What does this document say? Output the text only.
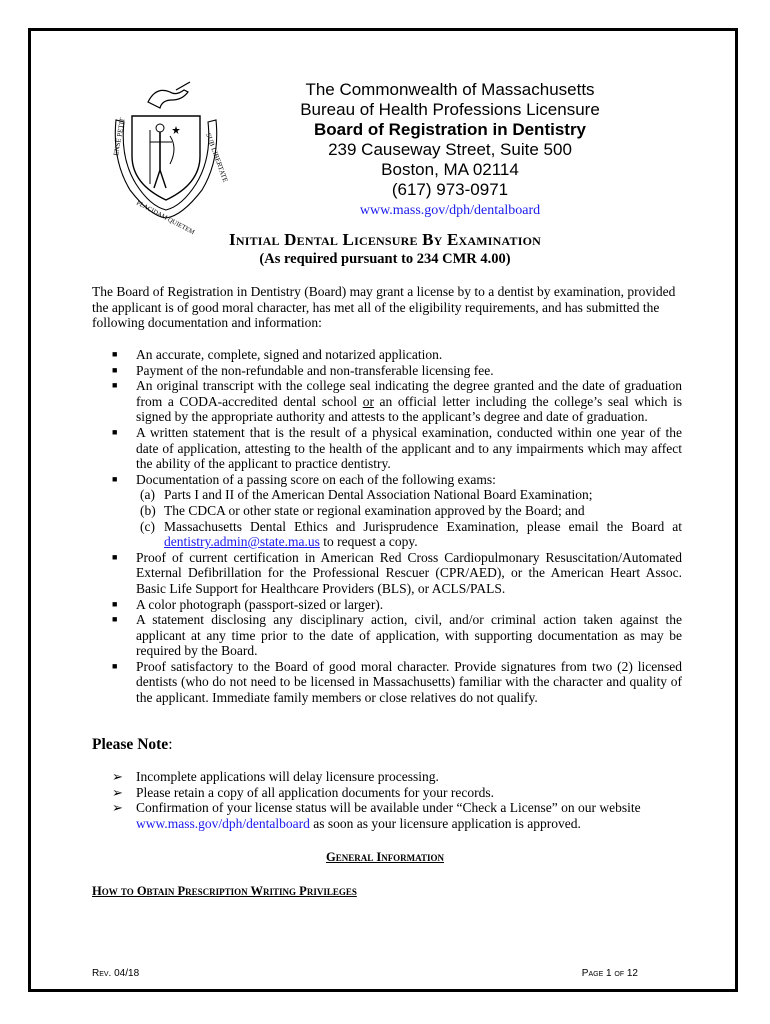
ENSE PETIT	SUB LIBERTATE
PLACIDAM QUIETEM
The Commonwealth of Massachusetts
Bureau of Health Professions Licensure
Board of Registration in Dentistry
239 Causeway Street, Suite 500
Boston, MA 02114
(617) 973-0971
www.mass.gov/dph/dentalboard
Initial Dental Licensure By Examination
(As required pursuant to 234 CMR 4.00)
The Board of Registration in Dentistry (Board) may grant a license by to a dentist by examination, provided the applicant is of good moral character, has met all of the eligibility requirements, and has submitted the following documentation and information:
■ An accurate, complete, signed and notarized application.
■ Payment of the non-refundable and non-transferable licensing fee.
■ An original transcript with the college seal indicating the degree granted and the date of graduation from a CODA-accredited dental school or an official letter including the college’s seal which is signed by the appropriate authority and attests to the applicant’s degree and date of graduation.
■ A written statement that is the result of a physical examination, conducted within one year of the date of application, attesting to the health of the applicant and to any impairments which may affect the ability of the applicant to practice dentistry.
■ Documentation of a passing score on each of the following exams:
(a) Parts I and II of the American Dental Association National Board Examination;
(b) The CDCA or other state or regional examination approved by the Board; and
(c) Massachusetts Dental Ethics and Jurisprudence Examination, please email the Board at dentistry.admin@state.ma.us to request a copy.
■ Proof of current certification in American Red Cross Cardiopulmonary Resuscitation/Automated External Defibrillation for the Professional Rescuer (CPR/AED), or the American Heart Assoc. Basic Life Support for Healthcare Providers (BLS), or ACLS/PALS.
■ A color photograph (passport-sized or larger).
■ A statement disclosing any disciplinary action, civil, and/or criminal action taken against the applicant at any time prior to the date of application, with supporting documentation as may be required by the Board.
■ Proof satisfactory to the Board of good moral character. Provide signatures from two (2) licensed dentists (who do not need to be licensed in Massachusetts) familiar with the character and quality of the applicant. Immediate family members or close relatives do not qualify.
Please Note:
➢ Incomplete applications will delay licensure processing.
➢ Please retain a copy of all application documents for your records.
➢ Confirmation of your license status will be available under “Check a License” on our website www.mass.gov/dph/dentalboard as soon as your licensure application is approved.
General Information
How to Obtain Prescription Writing Privileges
Rev. 04/18	Page 1 of 12
